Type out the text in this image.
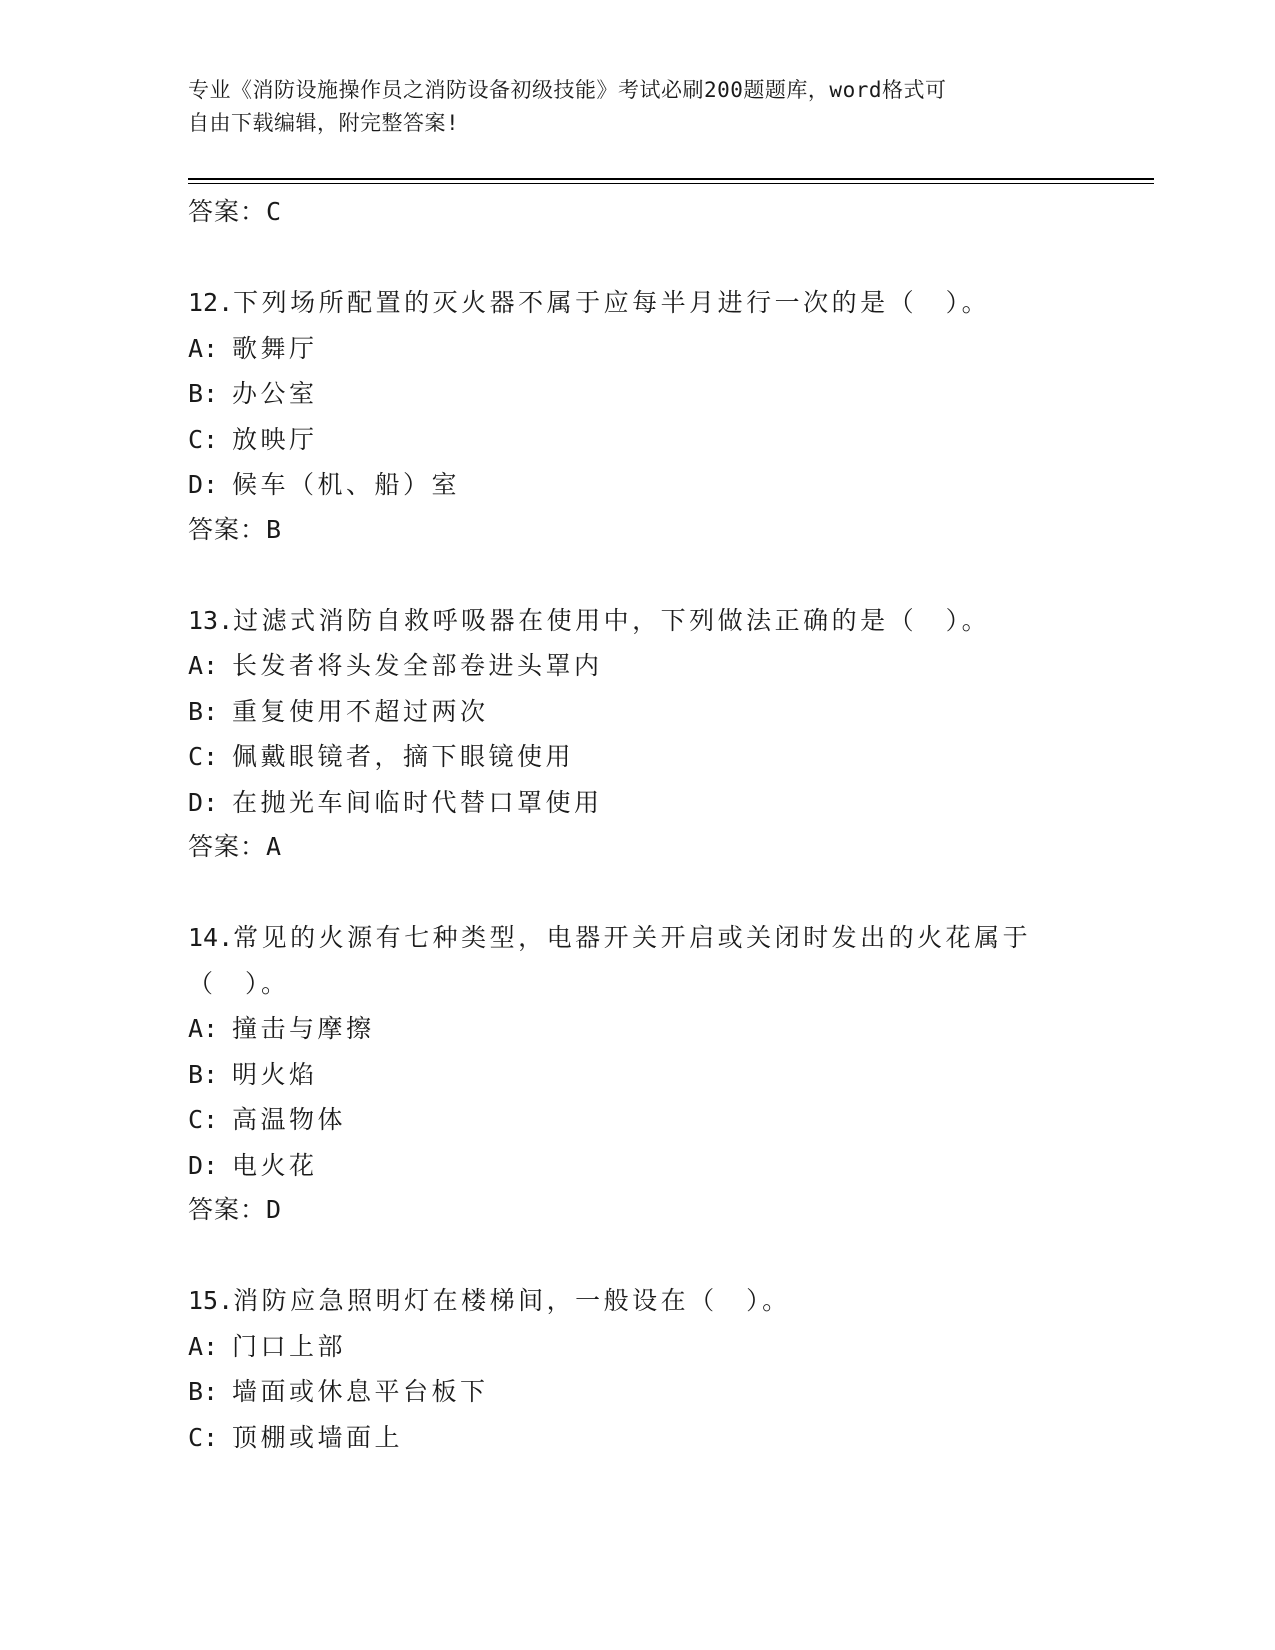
专业《消防设施操作员之消防设备初级技能》考试必刷200题题库，word格式可
自由下载编辑，附完整答案!
答案：C
12.下列场所配置的灭火器不属于应每半月进行一次的是（　）。
A: 歌舞厅
B: 办公室
C: 放映厅
D: 候车（机、船）室
答案：B
13.过滤式消防自救呼吸器在使用中，下列做法正确的是（　）。
A: 长发者将头发全部卷进头罩内
B: 重复使用不超过两次
C: 佩戴眼镜者，摘下眼镜使用
D: 在抛光车间临时代替口罩使用
答案：A
14.常见的火源有七种类型，电器开关开启或关闭时发出的火花属于（　）。
A: 撞击与摩擦
B: 明火焰
C: 高温物体
D: 电火花
答案：D
15.消防应急照明灯在楼梯间，一般设在（　）。
A: 门口上部
B: 墙面或休息平台板下
C: 顶棚或墙面上
